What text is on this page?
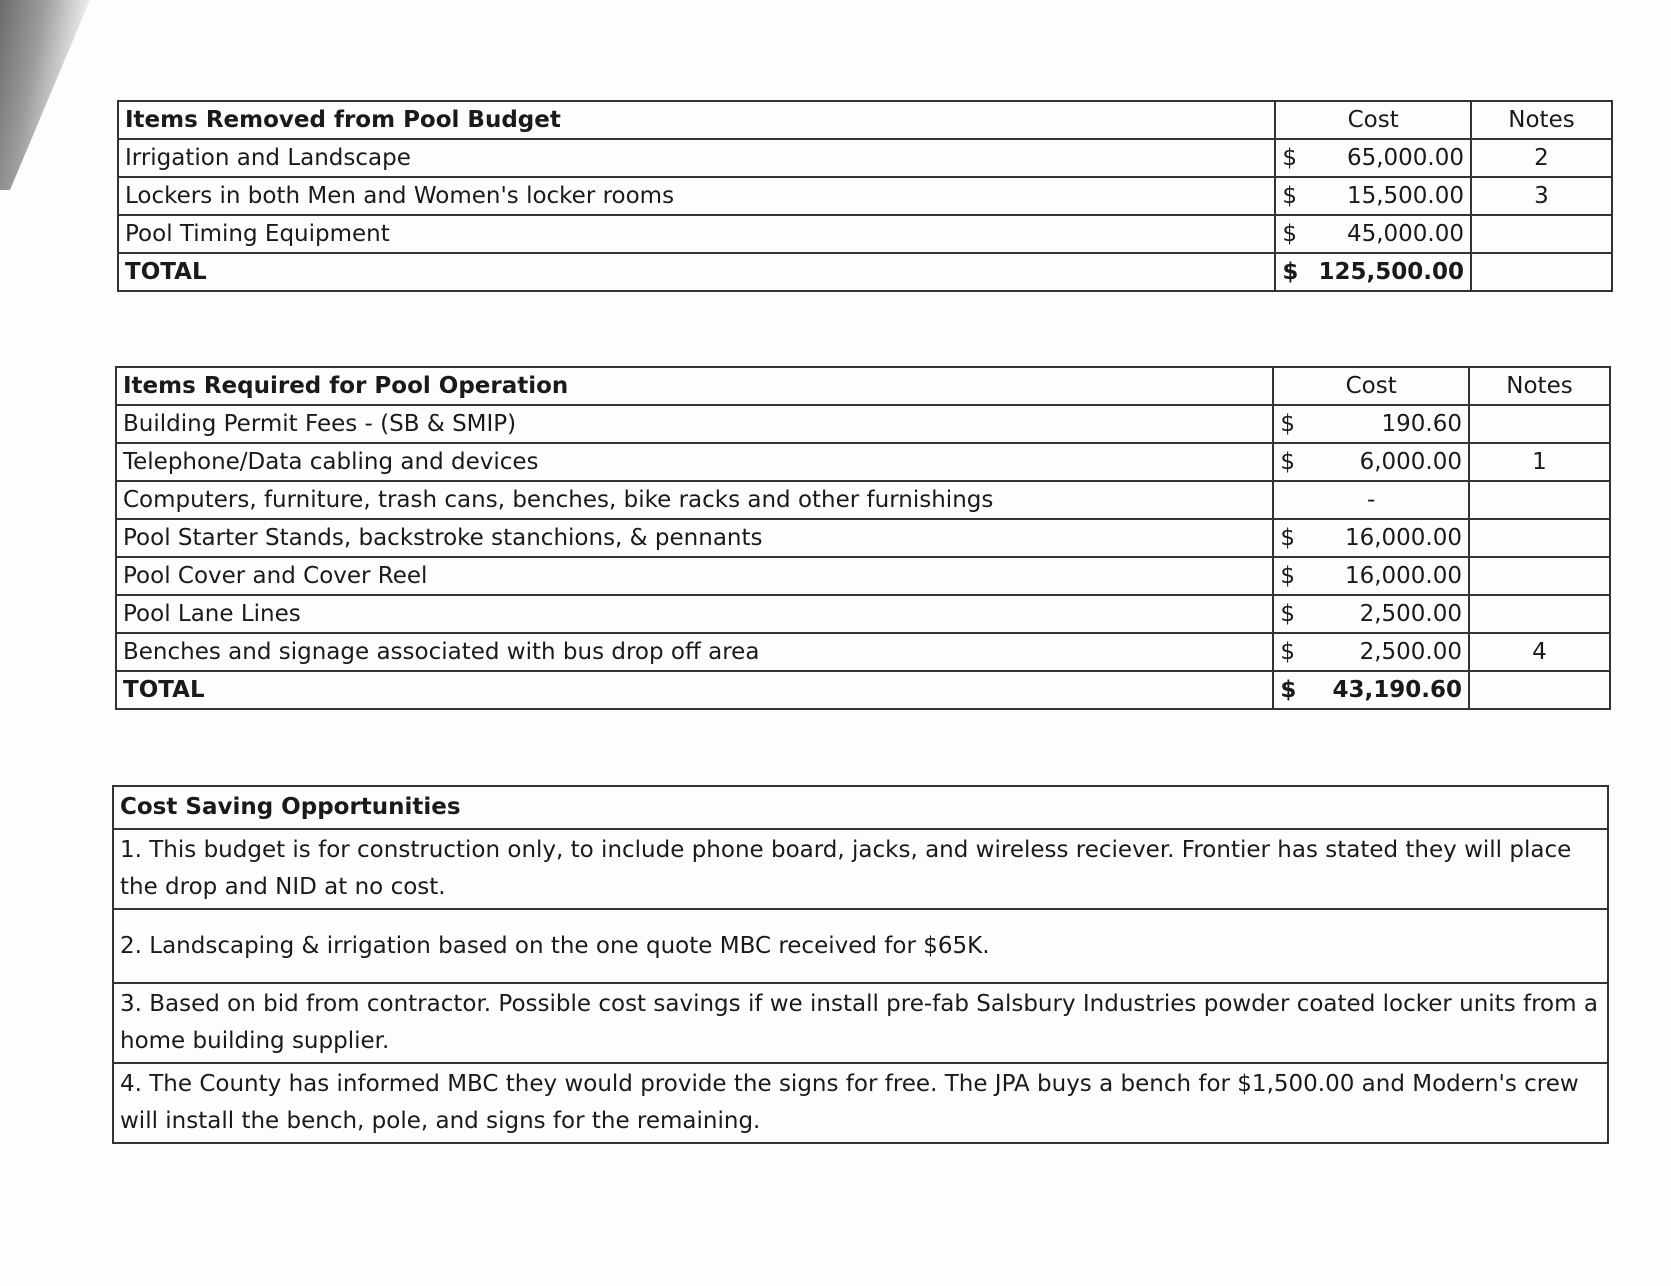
Items Removed from Pool Budget	Cost	Notes
Irrigation and Landscape	$ 65,000.00	2
Lockers in both Men and Women's locker rooms	$ 15,500.00	3
Pool Timing Equipment	$ 45,000.00	

TOTAL	$ 125,500.00	

Items Required for Pool Operation	Cost	Notes
Building Permit Fees - (SB & SMIP)	$ 190.60	

Telephone/Data cabling and devices	$ 6,000.00	1
Computers, furniture, trash cans, benches, bike racks and other furnishings	-	
Pool Starter Stands, backstroke stanchions, & pennants	$ 16,000.00	

Pool Cover and Cover Reel	$ 16,000.00	

Pool Lane Lines	$ 2,500.00	

Benches and signage associated with bus drop off area	$ 2,500.00	4
TOTAL	$ 43,190.60	

Cost Saving Opportunities
1. This budget is for construction only, to include phone board, jacks, and wireless reciever. Frontier has stated they will place the drop and NID at no cost.
2. Landscaping & irrigation based on the one quote MBC received for $65K.
3. Based on bid from contractor. Possible cost savings if we install pre-fab Salsbury Industries powder coated locker units from a home building supplier.
4. The County has informed MBC they would provide the signs for free. The JPA buys a bench for $1,500.00 and Modern's crew will install the bench, pole, and signs for the remaining.
